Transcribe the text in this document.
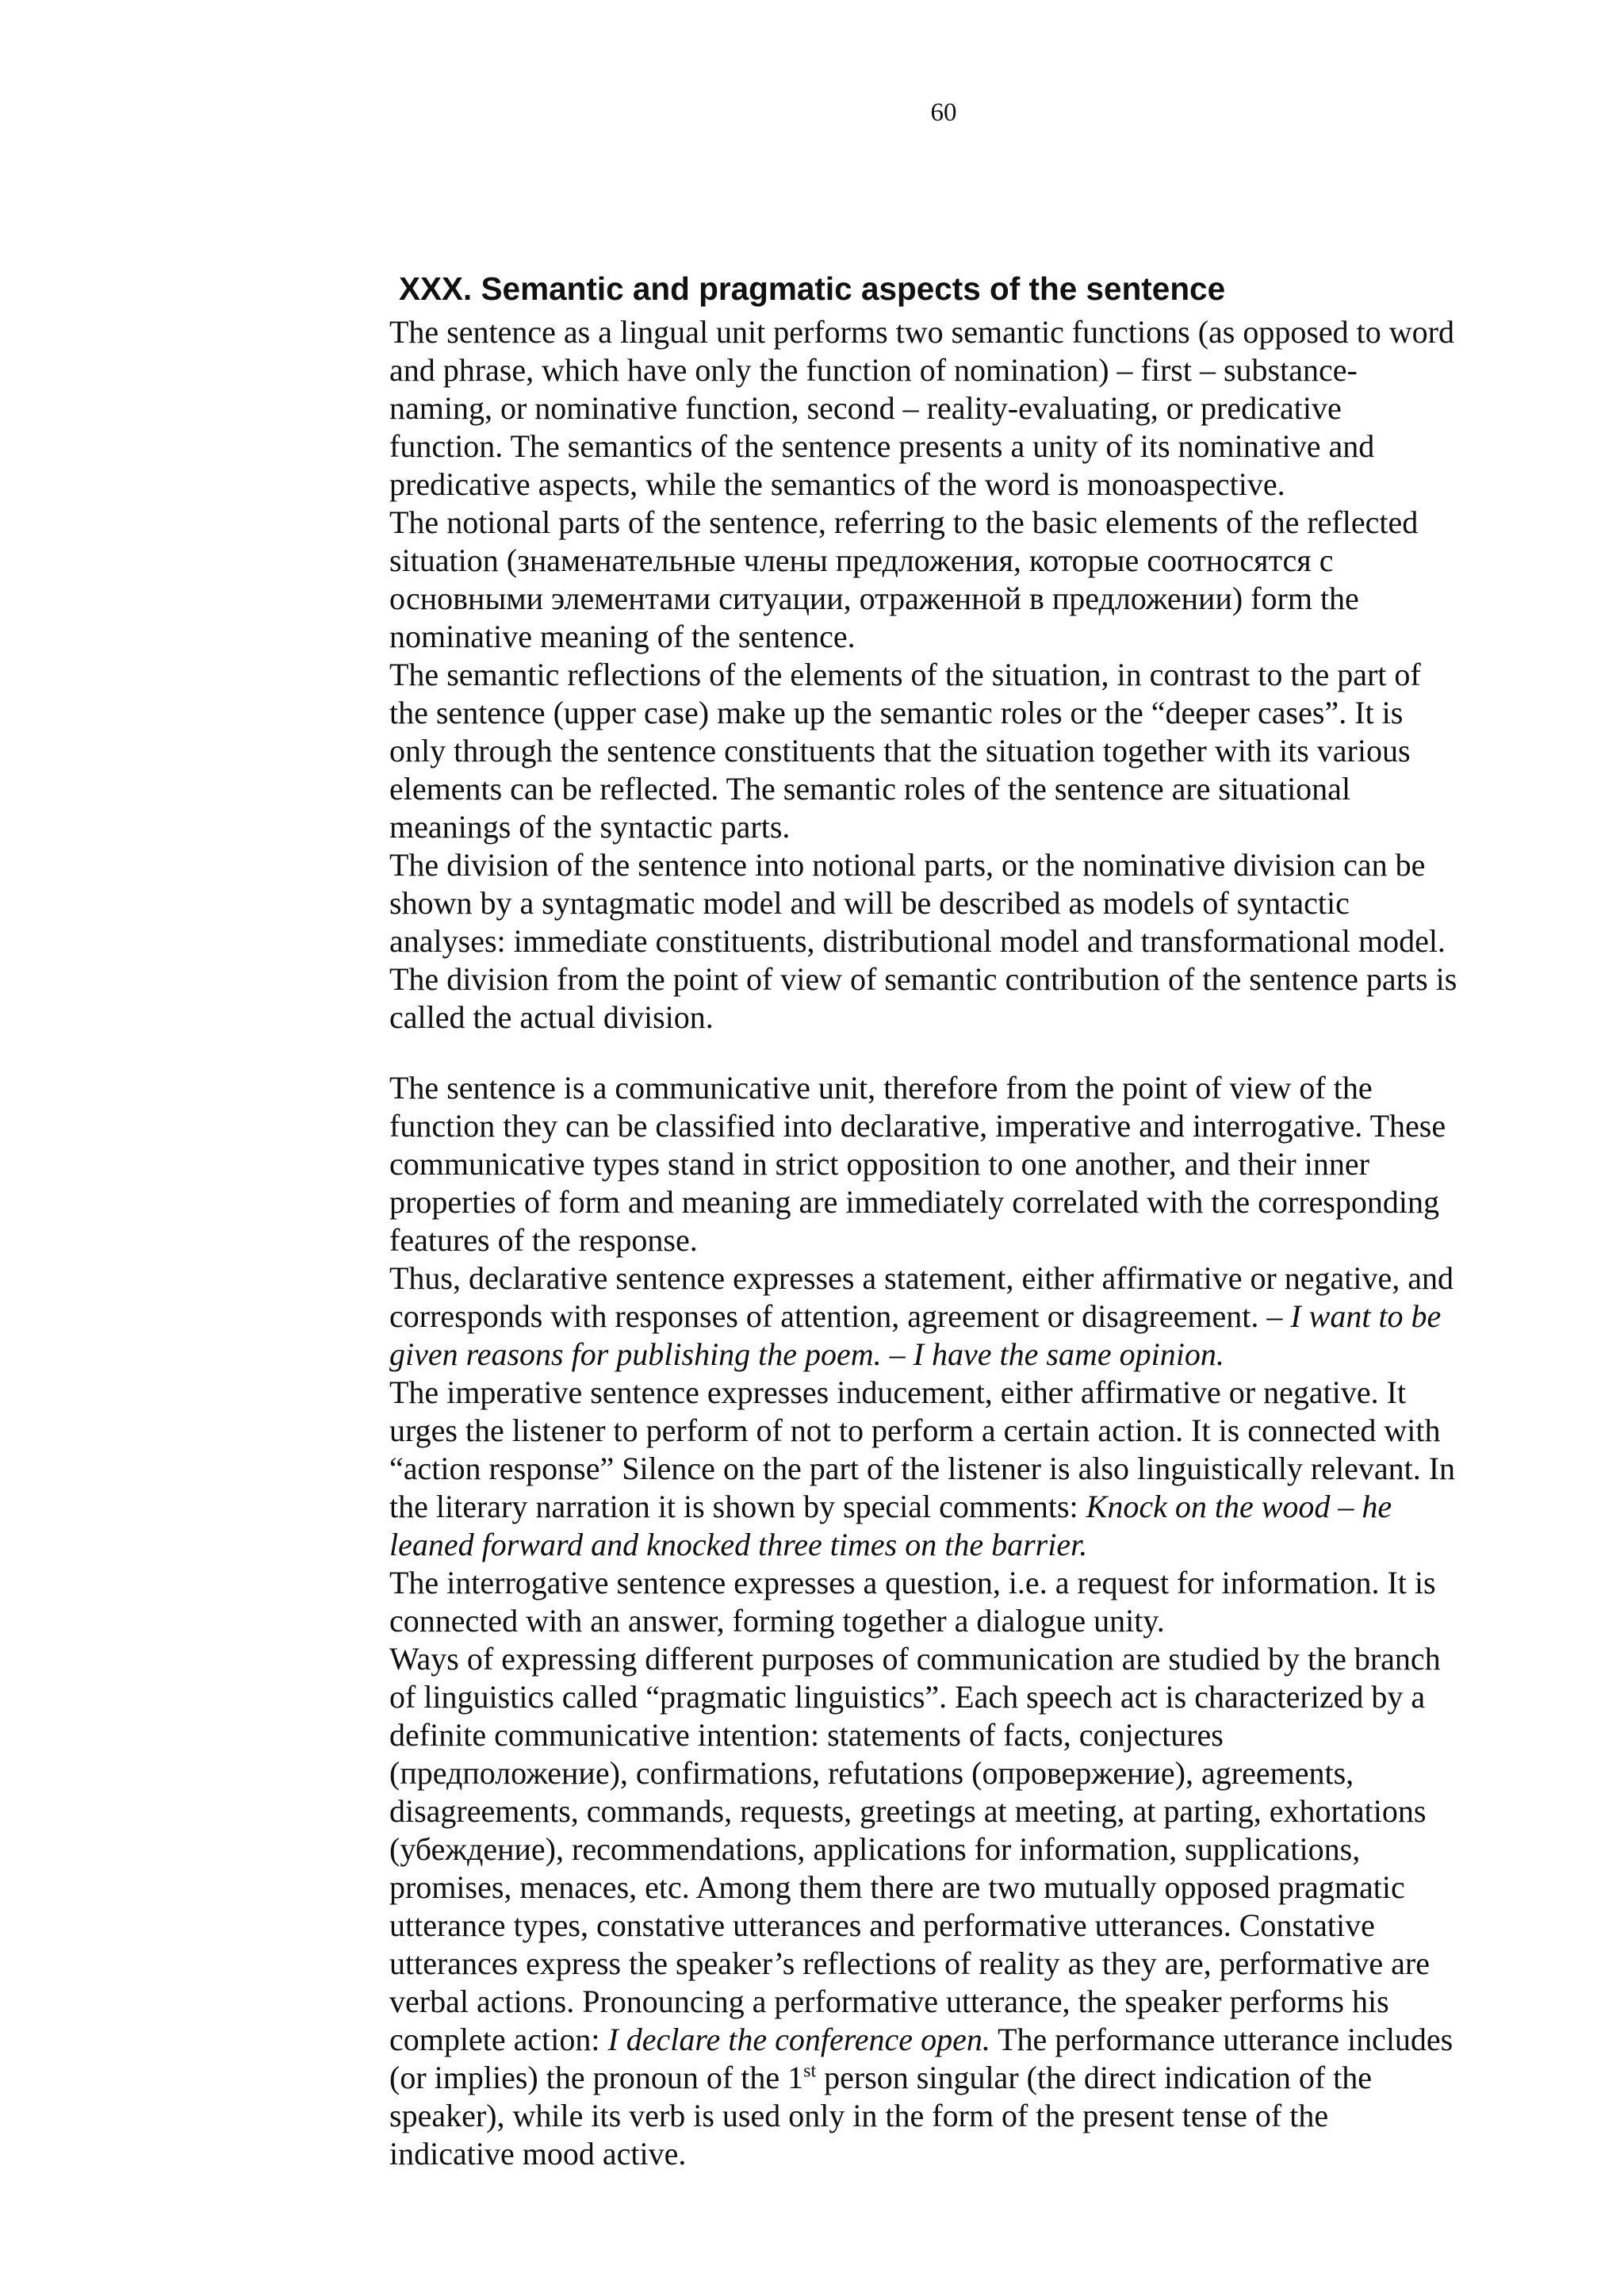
60
XXX. Semantic and pragmatic aspects of the sentence

The sentence as a lingual unit performs two semantic functions (as opposed to word
and phrase, which have only the function of nomination) – first – substance-
naming, or nominative function, second – reality-evaluating, or predicative
function. The semantics of the sentence presents a unity of its nominative and
predicative aspects, while the semantics of the word is monoaspective.

The notional parts of the sentence, referring to the basic elements of the reflected
situation (знаменательные члены предложения, которые соотносятся с
основными элементами ситуации, отраженной в предложении) form the
nominative meaning of the sentence.

The semantic reflections of the elements of the situation, in contrast to the part of
the sentence (upper case) make up the semantic roles or the “deeper cases”. It is
only through the sentence constituents that the situation together with its various
elements can be reflected. The semantic roles of the sentence are situational
meanings of the syntactic parts.

The division of the sentence into notional parts, or the nominative division can be
shown by a syntagmatic model and will be described as models of syntactic
analyses: immediate constituents, distributional model and transformational model.
The division from the point of view of semantic contribution of the sentence parts is
called the actual division.

The sentence is a communicative unit, therefore from the point of view of the
function they can be classified into declarative, imperative and interrogative. These
communicative types stand in strict opposition to one another, and their inner
properties of form and meaning are immediately correlated with the corresponding
features of the response.

Thus, declarative sentence expresses a statement, either affirmative or negative, and
corresponds with responses of attention, agreement or disagreement. – I want to be
given reasons for publishing the poem. – I have the same opinion.

The imperative sentence expresses inducement, either affirmative or negative. It
urges the listener to perform of not to perform a certain action. It is connected with
“action response” Silence on the part of the listener is also linguistically relevant. In
the literary narration it is shown by special comments: Knock on the wood – he
leaned forward and knocked three times on the barrier.

The interrogative sentence expresses a question, i.e. a request for information. It is
connected with an answer, forming together a dialogue unity.

Ways of expressing different purposes of communication are studied by the branch
of linguistics called “pragmatic linguistics”. Each speech act is characterized by a
definite communicative intention: statements of facts, conjectures
(предположение), confirmations, refutations (опровержение), agreements,
disagreements, commands, requests, greetings at meeting, at parting, exhortations
(убеждение), recommendations, applications for information, supplications,
promises, menaces, etc. Among them there are two mutually opposed pragmatic
utterance types, constative utterances and performative utterances. Constative
utterances express the speaker’s reflections of reality as they are, performative are
verbal actions. Pronouncing a performative utterance, the speaker performs his
complete action: I declare the conference open. The performance utterance includes
(or implies) the pronoun of the 1st person singular (the direct indication of the
speaker), while its verb is used only in the form of the present tense of the
indicative mood active.
